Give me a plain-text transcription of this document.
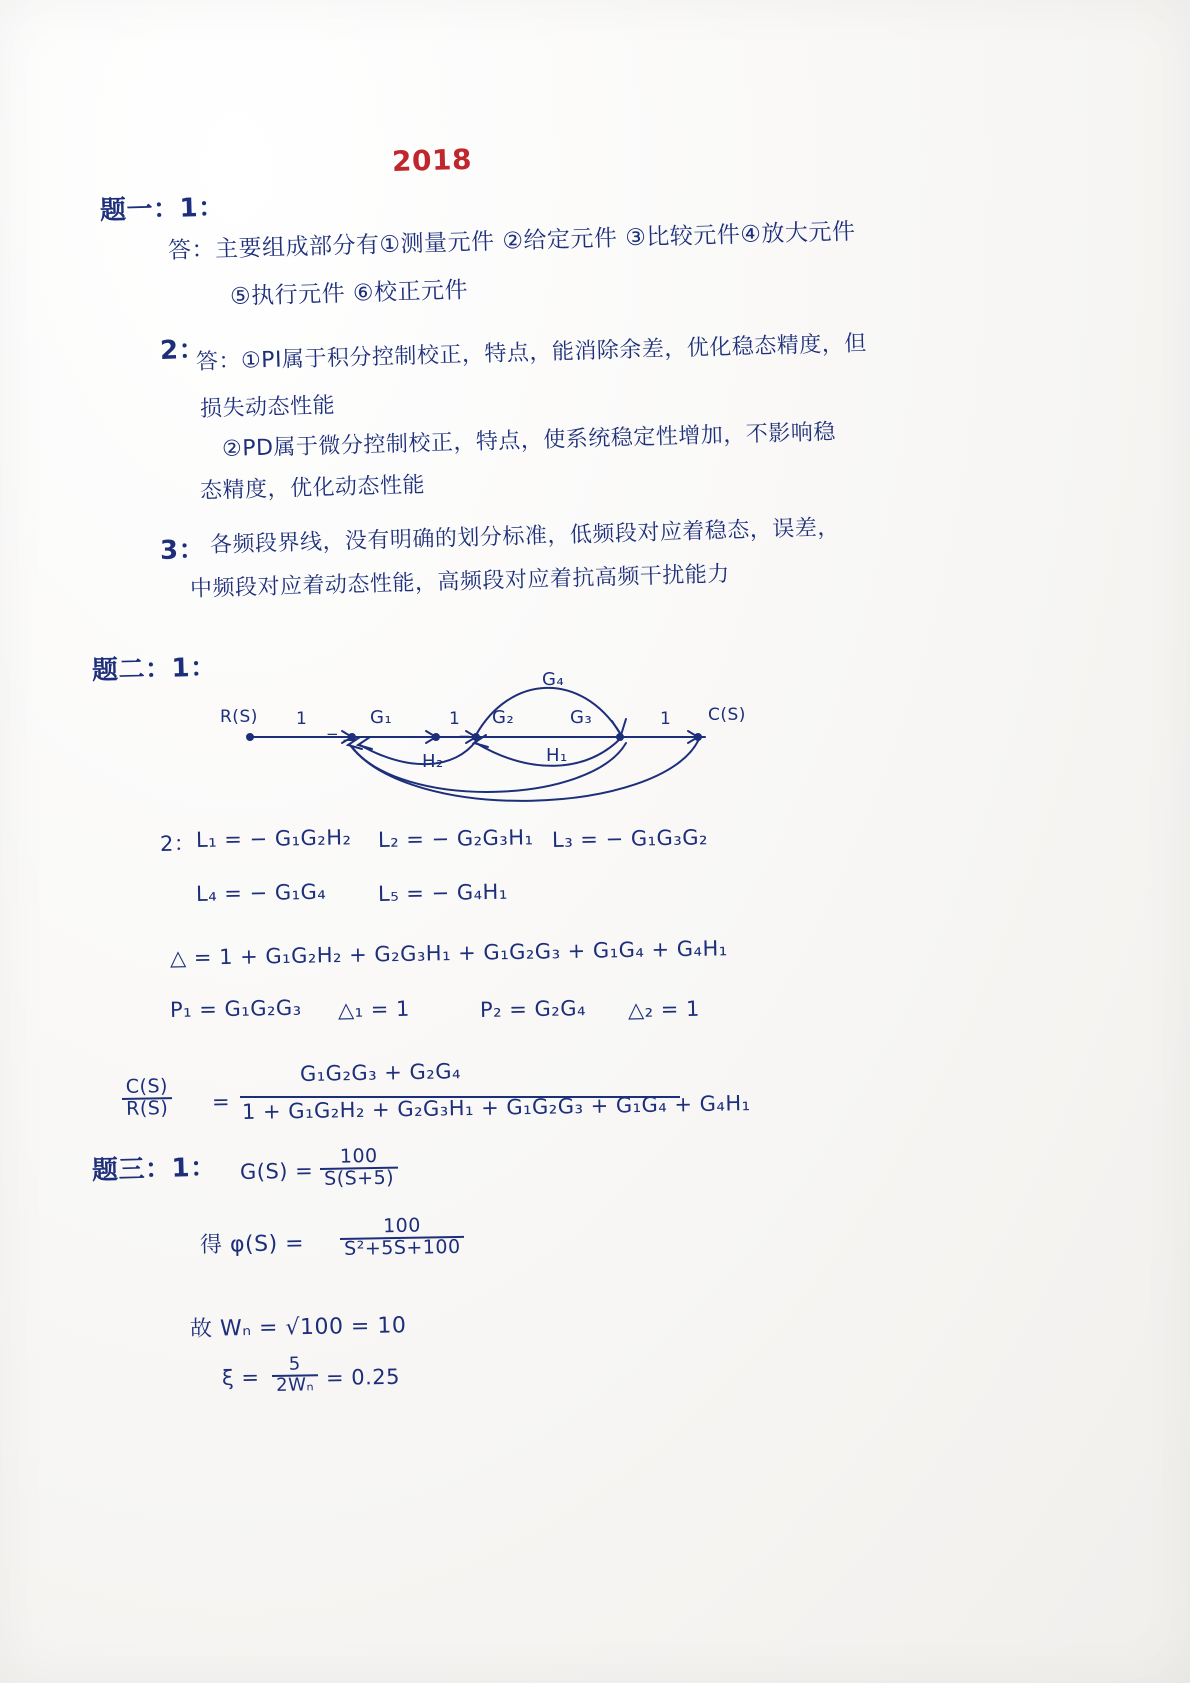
2018
题一：1：
答：主要组成部分有①测量元件 ②给定元件 ③比较元件④放大元件
⑤执行元件 ⑥校正元件
2：
答：①PI属于积分控制校正，特点，能消除余差，优化稳态精度，但
损失动态性能
②PD属于微分控制校正，特点，使系统稳定性增加，不影响稳
态精度，优化动态性能
3： 各频段界线，没有明确的划分标准，低频段对应着稳态，误差，
中频段对应着动态性能，高频段对应着抗高频干扰能力
题二：1：
R(S)	C(S)
1	1	1
G₁	G₂	G₃
G₄
H₁
H₂
− −	−
2： L₁ = − G₁G₂H₂ L₂ = − G₂G₃H₁ L₃ = − G₁G₃G₂
L₄ = − G₁G₄ L₅ = − G₄H₁
△ = 1 + G₁G₂H₂ + G₂G₃H₁ + G₁G₂G₃ + G₁G₄ + G₄H₁
P₁ = G₁G₂G₃ △₁ = 1	P₂ = G₂G₄ △₂ = 1
$\frac{C(S)}{R(S)}$ =
G₁G₂G₃ + G₂G₄
1 + G₁G₂H₂ + G₂G₃H₁ + G₁G₂G₃ + G₁G₄ + G₄H₁
题三：1： $G(S) = \frac{100}{S(S+5)}$
得 $\varphi(S) = \frac{100}{\text{S²+5S+100}}$
故 Wₙ = √100 = 10
$\xi = \frac{5}{\text{2Wₙ}} = 0.25$
